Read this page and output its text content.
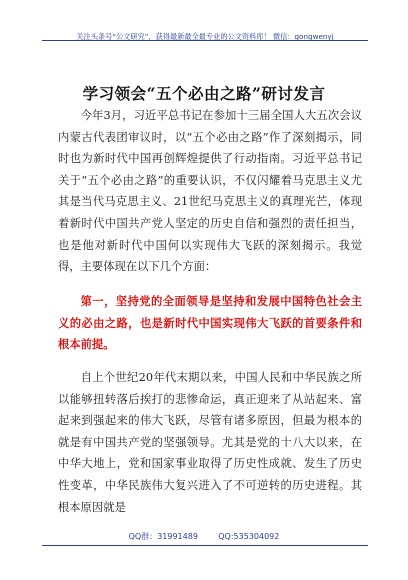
关注头条号“公文研究”，获得最新最全最专业的公文资料库！ 微信：gongwenyj
学习领会“五个必由之路”研讨发言
今年3月，习近平总书记在参加十三届全国人大五次会议内蒙古代表团审议时，以“五个必由之路”作了深刻揭示，同时也为新时代中国再创辉煌提供了行动指南。习近平总书记关于“五个必由之路”的重要认识，不仅闪耀着马克思主义尤其是当代马克思主义、21世纪马克思主义的真理光芒，体现着新时代中国共产党人坚定的历史自信和强烈的责任担当，也是他对新时代中国何以实现伟大飞跃的深刻揭示。我觉得，主要体现在以下几个方面：
第一，坚持党的全面领导是坚持和发展中国特色社会主义的必由之路，也是新时代中国实现伟大飞跃的首要条件和根本前提。
自上个世纪20年代末期以来，中国人民和中华民族之所以能够扭转落后挨打的悲惨命运，真正迎来了从站起来、富起来到强起来的伟大飞跃，尽管有诸多原因，但最为根本的就是有中国共产党的坚强领导。尤其是党的十八大以来，在中华大地上，党和国家事业取得了历史性成就、发生了历史性变革，中华民族伟大复兴进入了不可逆转的历史进程。其根本原因就是
QQ群：31991489        QQ:535304092
